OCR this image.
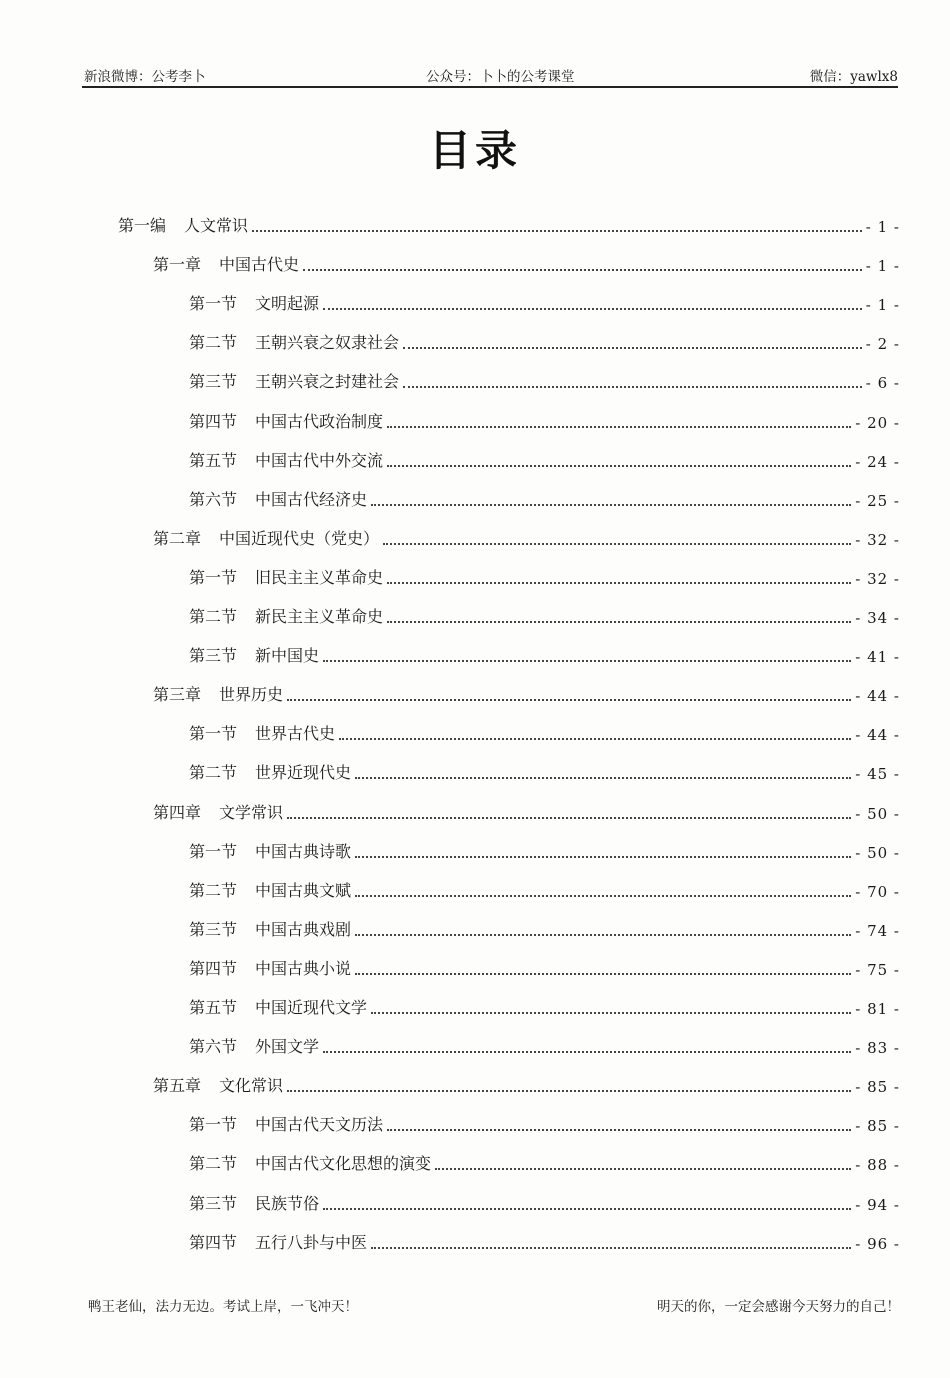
新浪微博：公考李卜	公众号：卜卜的公考课堂	微信：yawlx8
目录
第一编 人文常识	- 1 -
第一章 中国古代史	- 1 -
第一节 文明起源	- 1 -
第二节 王朝兴衰之奴隶社会	- 2 -
第三节 王朝兴衰之封建社会	- 6 -
第四节 中国古代政治制度	- 20 -
第五节 中国古代中外交流	- 24 -
第六节 中国古代经济史	- 25 -
第二章 中国近现代史（党史）	- 32 -
第一节 旧民主主义革命史	- 32 -
第二节 新民主主义革命史	- 34 -
第三节 新中国史	- 41 -
第三章 世界历史	- 44 -
第一节 世界古代史	- 44 -
第二节 世界近现代史	- 45 -
第四章 文学常识	- 50 -
第一节 中国古典诗歌	- 50 -
第二节 中国古典文赋	- 70 -
第三节 中国古典戏剧	- 74 -
第四节 中国古典小说	- 75 -
第五节 中国近现代文学	- 81 -
第六节 外国文学	- 83 -
第五章 文化常识	- 85 -
第一节 中国古代天文历法	- 85 -
第二节 中国古代文化思想的演变	- 88 -
第三节 民族节俗	- 94 -
第四节 五行八卦与中医	- 96 -
鸭王老仙，法力无边。考试上岸，一飞冲天！	明天的你，一定会感谢今天努力的自己！
